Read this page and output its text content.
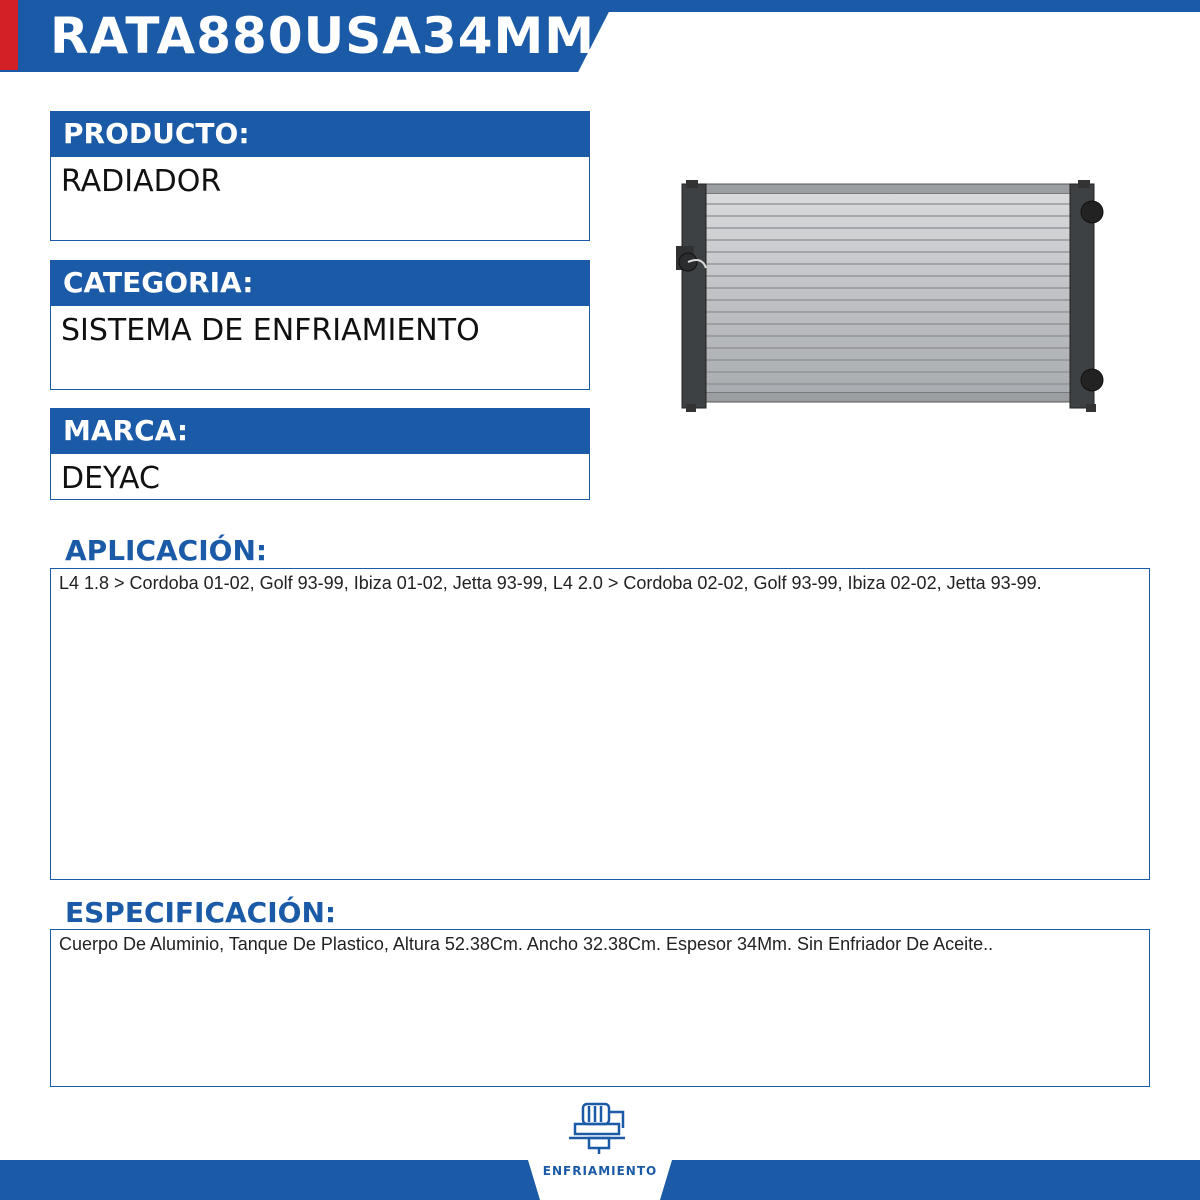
RATA880USA34MM
PRODUCTO:
RADIADOR
CATEGORIA:
SISTEMA DE ENFRIAMIENTO
MARCA:
DEYAC
APLICACIÓN:
L4 1.8 > Cordoba 01-02, Golf 93-99, Ibiza 01-02, Jetta 93-99, L4 2.0 > Cordoba 02-02, Golf 93-99, Ibiza 02-02, Jetta 93-99.
ESPECIFICACIÓN:
Cuerpo De Aluminio, Tanque De Plastico, Altura 52.38Cm. Ancho 32.38Cm. Espesor 34Mm. Sin Enfriador De Aceite..
ENFRIAMIENTO
